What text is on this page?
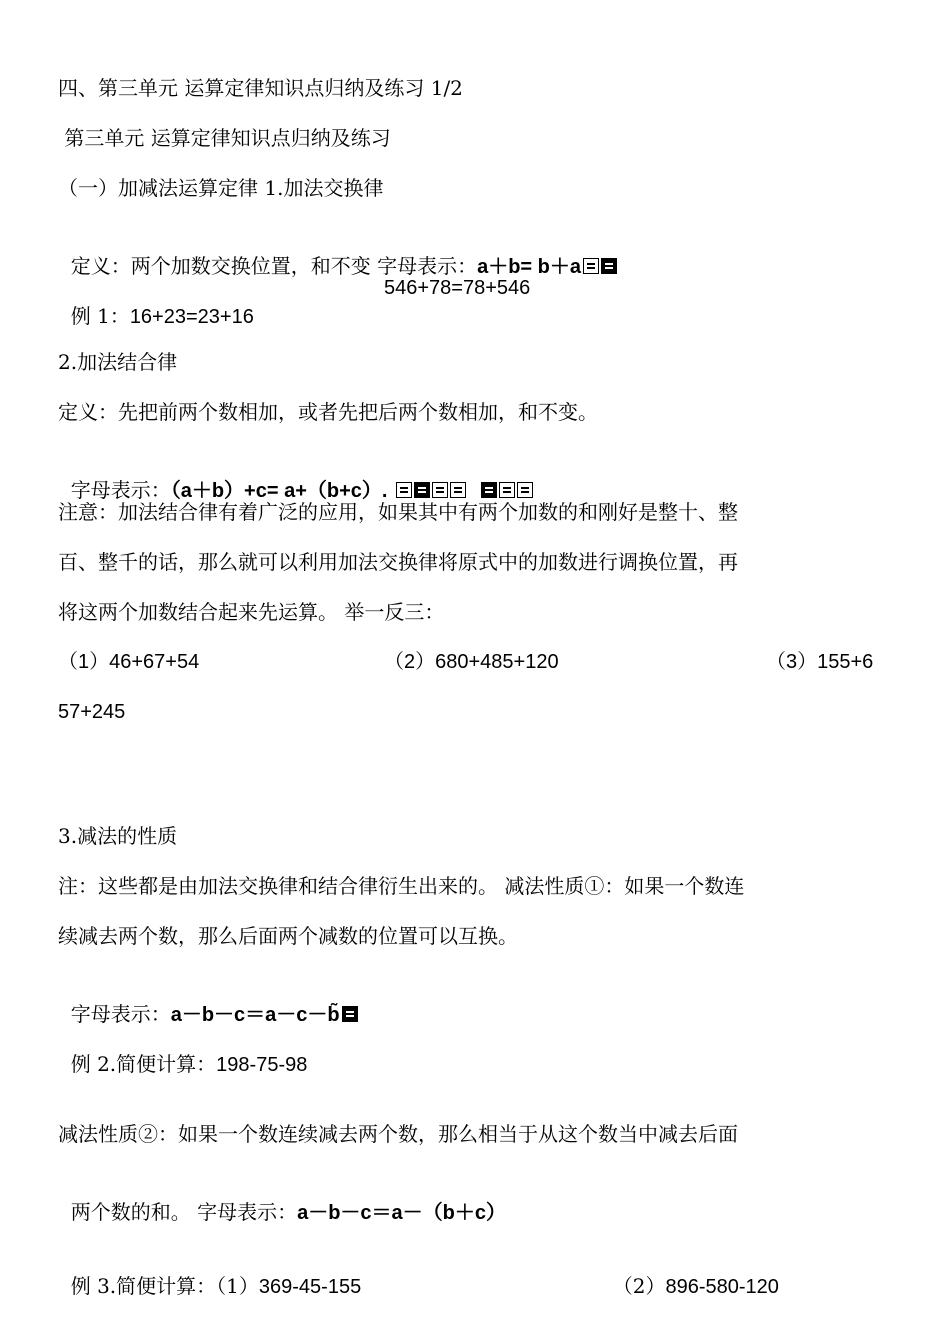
四、第三单元 运算定律知识点归纳及练习 1/2
第三单元 运算定律知识点归纳及练习
（一）加减法运算定律 1.加法交换律

定义：两个加数交换位置，和不变 字母表示：a＋b= b＋a

例 1：16+23=23+16

546+78=78+546
2.加法结合律
定义：先把前两个数相加，或者先把后两个数相加，和不变。

字母表示：（a＋b）+c= a+（b+c）.

注意：加法结合律有着广泛的应用，如果其中有两个加数的和刚好是整十、整
百、整千的话，那么就可以利用加法交换律将原式中的加数进行调换位置，再
将这两个加数结合起来先运算。 举一反三：
（1）46+67+54	（2）680+485+120	（3）155+6
57+245
3.减法的性质
注：这些都是由加法交换律和结合律衍生出来的。 减法性质①：如果一个数连
续减去两个数，那么后面两个减数的位置可以互换。

字母表示：a－b－c＝a－c－b̃

例 2.简便计算：198-75-98

减法性质②：如果一个数连续减去两个数，那么相当于从这个数当中减去后面

两个数的和。 字母表示：a－b－c＝a－（b＋c）

例 3.简便计算：（1）369-45-155	（2）896-580-120
